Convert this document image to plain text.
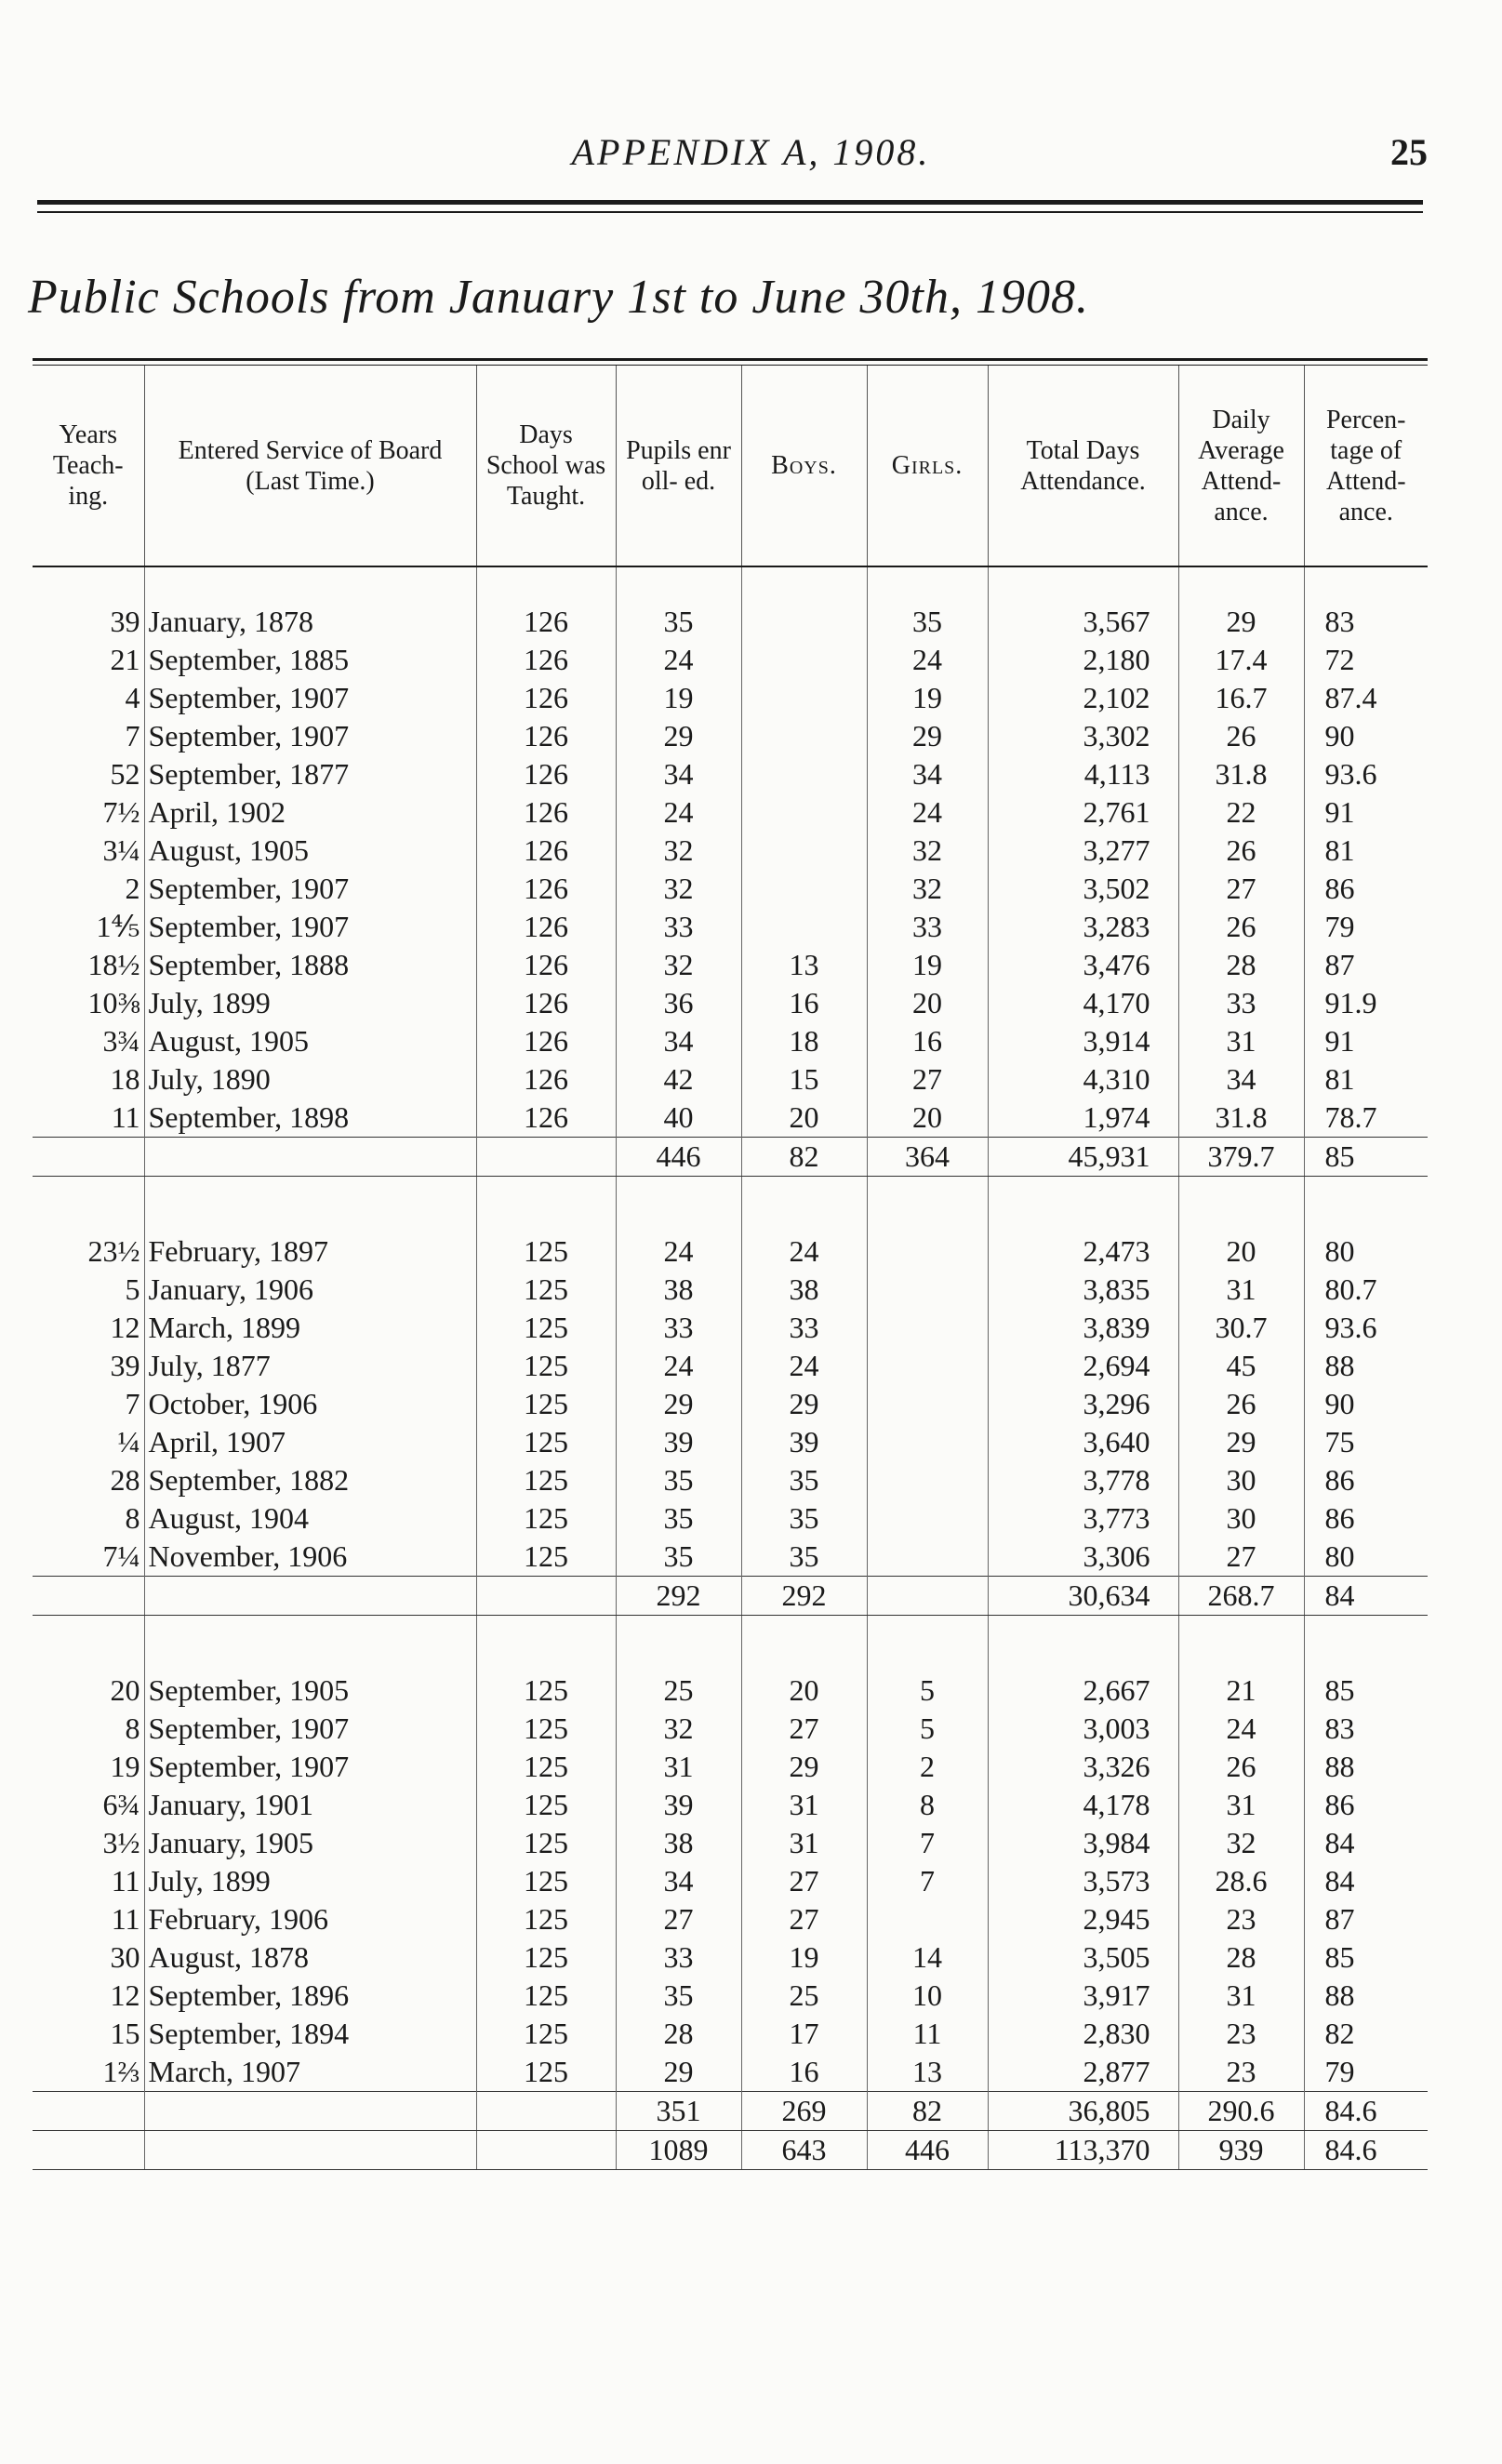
APPENDIX A, 1908.	25
Public Schools from January 1st to June 30th, 1908.

Years Teach- ing.	Entered Service of Board (Last Time.)	Days School was Taught.	Pupils enr oll- ed.	Boys.	Girls.	Total Days Attendance.	Daily Average Attend- ance.	Percen- tage of Attend- ance.

39	January, 1878	126	35		35	3,567	29	83
21	September, 1885	126	24		24	2,180	17.4	72
4	September, 1907	126	19		19	2,102	16.7	87.4
7	September, 1907	126	29		29	3,302	26	90
52	September, 1877	126	34		34	4,113	31.8	93.6
7½	April, 1902	126	24		24	2,761	22	91
3¼	August, 1905	126	32		32	3,277	26	81
2	September, 1907	126	32		32	3,502	27	86
1⅘	September, 1907	126	33		33	3,283	26	79
18½	September, 1888	126	32	13	19	3,476	28	87
10⅜	July, 1899	126	36	16	20	4,170	33	91.9
3¾	August, 1905	126	34	18	16	3,914	31	91
18	July, 1890	126	42	15	27	4,310	34	81
11	September, 1898	126	40	20	20	1,974	31.8	78.7
			446	82	364	45,931	379.7	85

23½	February, 1897	125	24	24		2,473	20	80
5	January, 1906	125	38	38		3,835	31	80.7
12	March, 1899	125	33	33		3,839	30.7	93.6
39	July, 1877	125	24	24		2,694	45	88
7	October, 1906	125	29	29		3,296	26	90
¼	April, 1907	125	39	39		3,640	29	75
28	September, 1882	125	35	35		3,778	30	86
8	August, 1904	125	35	35		3,773	30	86
7¼	November, 1906	125	35	35		3,306	27	80
			292	292		30,634	268.7	84

20	September, 1905	125	25	20	5	2,667	21	85
8	September, 1907	125	32	27	5	3,003	24	83
19	September, 1907	125	31	29	2	3,326	26	88
6¾	January, 1901	125	39	31	8	4,178	31	86
3½	January, 1905	125	38	31	7	3,984	32	84
11	July, 1899	125	34	27	7	3,573	28.6	84
11	February, 1906	125	27	27		2,945	23	87
30	August, 1878	125	33	19	14	3,505	28	85
12	September, 1896	125	35	25	10	3,917	31	88
15	September, 1894	125	28	17	11	2,830	23	82
1⅔	March, 1907	125	29	16	13	2,877	23	79
			351	269	82	36,805	290.6	84.6
			1089	643	446	113,370	939	84.6
